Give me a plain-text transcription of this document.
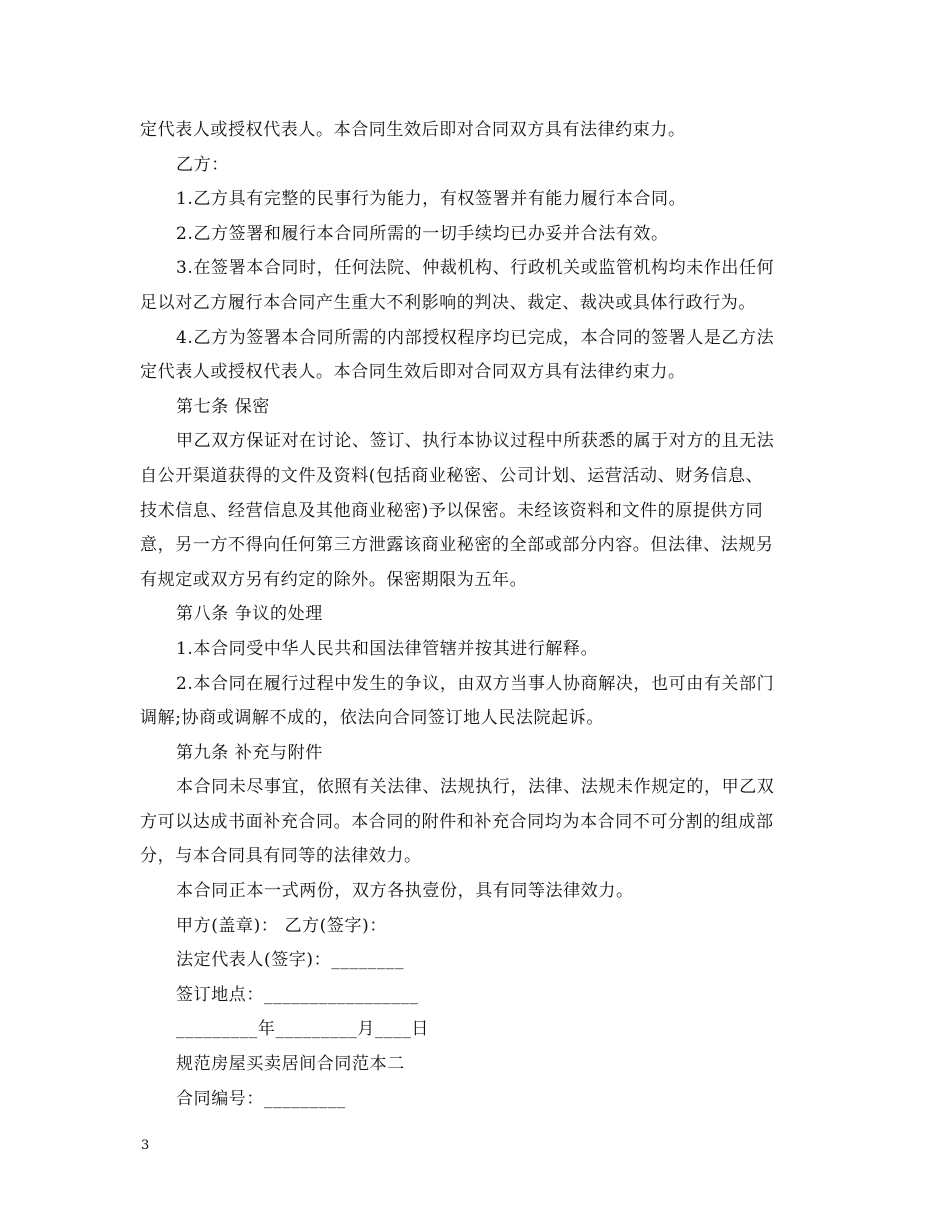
定代表人或授权代表人。本合同生效后即对合同双方具有法律约束力。
乙方：
1.乙方具有完整的民事行为能力，有权签署并有能力履行本合同。
2.乙方签署和履行本合同所需的一切手续均已办妥并合法有效。
3.在签署本合同时，任何法院、仲裁机构、行政机关或监管机构均未作出任何
足以对乙方履行本合同产生重大不利影响的判决、裁定、裁决或具体行政行为。
4.乙方为签署本合同所需的内部授权程序均已完成，本合同的签署人是乙方法
定代表人或授权代表人。本合同生效后即对合同双方具有法律约束力。
第七条 保密
甲乙双方保证对在讨论、签订、执行本协议过程中所获悉的属于对方的且无法
自公开渠道获得的文件及资料(包括商业秘密、公司计划、运营活动、财务信息、
技术信息、经营信息及其他商业秘密)予以保密。未经该资料和文件的原提供方同
意，另一方不得向任何第三方泄露该商业秘密的全部或部分内容。但法律、法规另
有规定或双方另有约定的除外。保密期限为五年。
第八条 争议的处理
1.本合同受中华人民共和国法律管辖并按其进行解释。
2.本合同在履行过程中发生的争议，由双方当事人协商解决，也可由有关部门
调解;协商或调解不成的，依法向合同签订地人民法院起诉。
第九条 补充与附件
本合同未尽事宜，依照有关法律、法规执行，法律、法规未作规定的，甲乙双
方可以达成书面补充合同。本合同的附件和补充合同均为本合同不可分割的组成部
分，与本合同具有同等的法律效力。
本合同正本一式两份，双方各执壹份，具有同等法律效力。
甲方(盖章)： 乙方(签字)：
法定代表人(签字)：________
签订地点：_________________
_________年_________月____日
规范房屋买卖居间合同范本二
合同编号：_________
3
